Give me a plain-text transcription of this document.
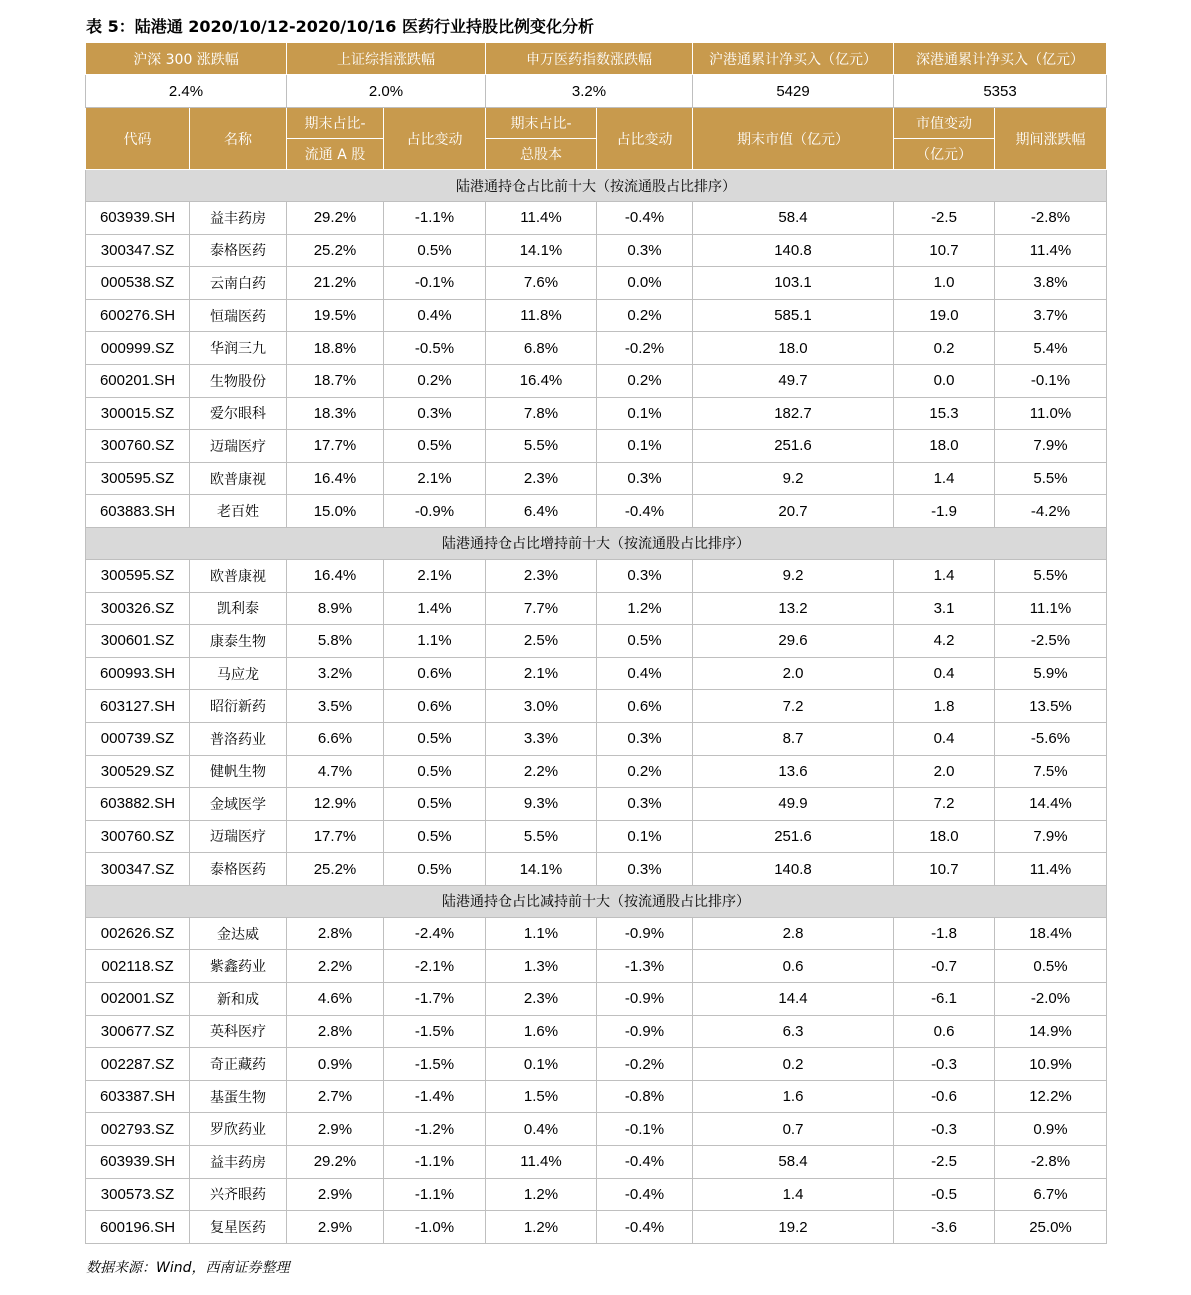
表 5：陆港通 2020/10/12-2020/10/16 医药行业持股比例变化分析
沪深 300 涨跌幅		上证综指涨跌幅		申万医药指数涨跌幅		沪港通累计净买入（亿元）	深港通累计净买入（亿元）	
2.4%		2.0%		3.2%		5429	5353	
代码	名称	期末占比-	占比变动	期末占比-	占比变动	期末市值（亿元）	市值变动	期间涨跌幅
		流通 A 股		总股本			（亿元）	
陆港通持仓占比前十大（按流通股占比排序）								
603939.SH	益丰药房	29.2%	-1.1%	11.4%	-0.4%	58.4	-2.5	-2.8%
300347.SZ	泰格医药	25.2%	0.5%	14.1%	0.3%	140.8	10.7	11.4%
000538.SZ	云南白药	21.2%	-0.1%	7.6%	0.0%	103.1	1.0	3.8%
600276.SH	恒瑞医药	19.5%	0.4%	11.8%	0.2%	585.1	19.0	3.7%
000999.SZ	华润三九	18.8%	-0.5%	6.8%	-0.2%	18.0	0.2	5.4%
600201.SH	生物股份	18.7%	0.2%	16.4%	0.2%	49.7	0.0	-0.1%
300015.SZ	爱尔眼科	18.3%	0.3%	7.8%	0.1%	182.7	15.3	11.0%
300760.SZ	迈瑞医疗	17.7%	0.5%	5.5%	0.1%	251.6	18.0	7.9%
300595.SZ	欧普康视	16.4%	2.1%	2.3%	0.3%	9.2	1.4	5.5%
603883.SH	老百姓	15.0%	-0.9%	6.4%	-0.4%	20.7	-1.9	-4.2%
陆港通持仓占比增持前十大（按流通股占比排序）								
300595.SZ	欧普康视	16.4%	2.1%	2.3%	0.3%	9.2	1.4	5.5%
300326.SZ	凯利泰	8.9%	1.4%	7.7%	1.2%	13.2	3.1	11.1%
300601.SZ	康泰生物	5.8%	1.1%	2.5%	0.5%	29.6	4.2	-2.5%
600993.SH	马应龙	3.2%	0.6%	2.1%	0.4%	2.0	0.4	5.9%
603127.SH	昭衍新药	3.5%	0.6%	3.0%	0.6%	7.2	1.8	13.5%
000739.SZ	普洛药业	6.6%	0.5%	3.3%	0.3%	8.7	0.4	-5.6%
300529.SZ	健帆生物	4.7%	0.5%	2.2%	0.2%	13.6	2.0	7.5%
603882.SH	金域医学	12.9%	0.5%	9.3%	0.3%	49.9	7.2	14.4%
300760.SZ	迈瑞医疗	17.7%	0.5%	5.5%	0.1%	251.6	18.0	7.9%
300347.SZ	泰格医药	25.2%	0.5%	14.1%	0.3%	140.8	10.7	11.4%
陆港通持仓占比减持前十大（按流通股占比排序）								
002626.SZ	金达威	2.8%	-2.4%	1.1%	-0.9%	2.8	-1.8	18.4%
002118.SZ	紫鑫药业	2.2%	-2.1%	1.3%	-1.3%	0.6	-0.7	0.5%
002001.SZ	新和成	4.6%	-1.7%	2.3%	-0.9%	14.4	-6.1	-2.0%
300677.SZ	英科医疗	2.8%	-1.5%	1.6%	-0.9%	6.3	0.6	14.9%
002287.SZ	奇正藏药	0.9%	-1.5%	0.1%	-0.2%	0.2	-0.3	10.9%
603387.SH	基蛋生物	2.7%	-1.4%	1.5%	-0.8%	1.6	-0.6	12.2%
002793.SZ	罗欣药业	2.9%	-1.2%	0.4%	-0.1%	0.7	-0.3	0.9%
603939.SH	益丰药房	29.2%	-1.1%	11.4%	-0.4%	58.4	-2.5	-2.8%
300573.SZ	兴齐眼药	2.9%	-1.1%	1.2%	-0.4%	1.4	-0.5	6.7%
600196.SH	复星医药	2.9%	-1.0%	1.2%	-0.4%	19.2	-3.6	25.0%
数据来源：Wind，西南证券整理
